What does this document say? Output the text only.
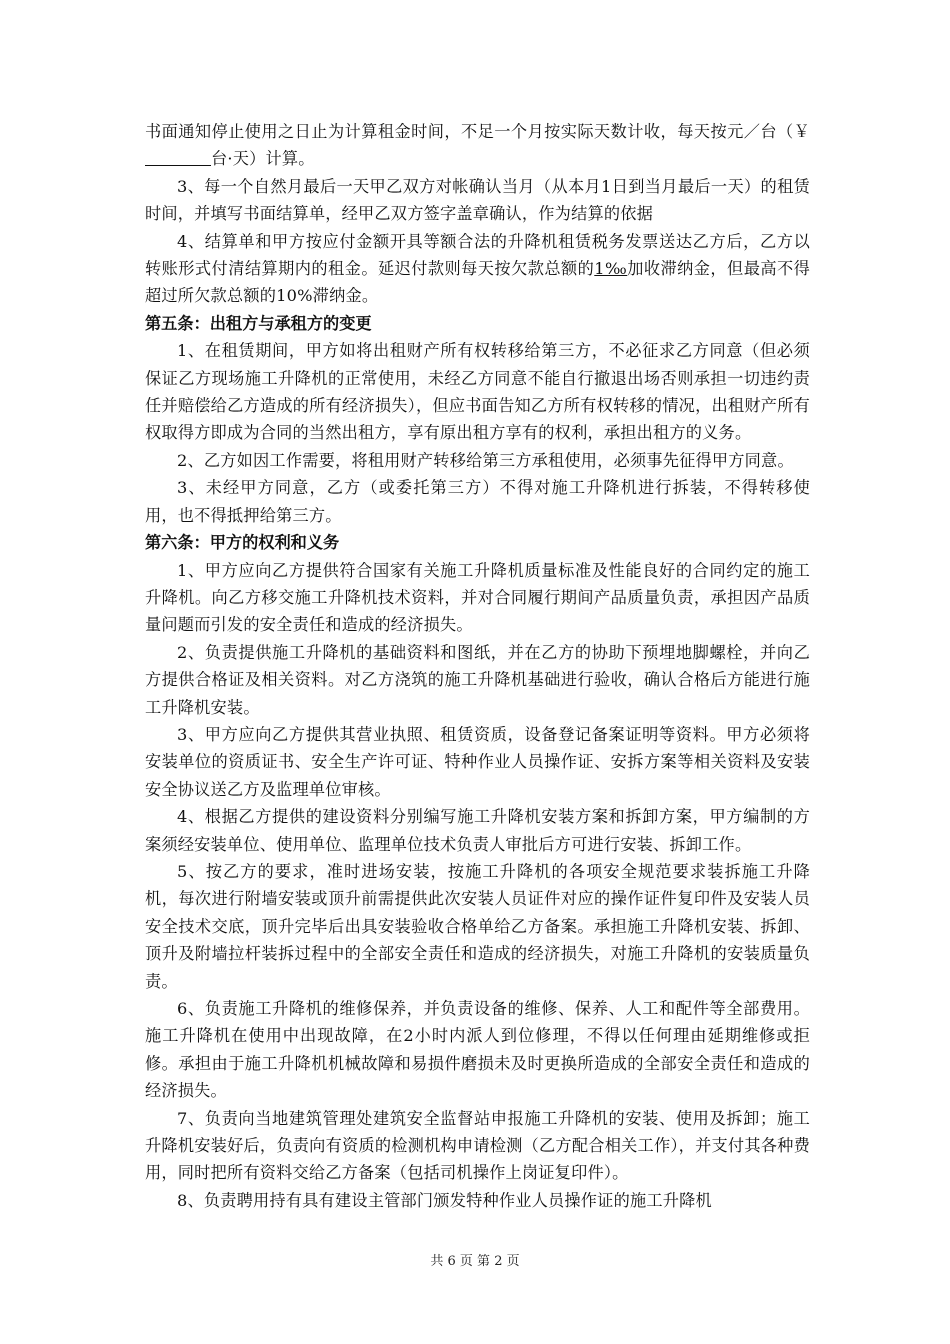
书面通知停止使用之日止为计算租金时间，不足一个月按实际天数计收，每天按元／台（￥台·天）计算。

3、每一个自然月最后一天甲乙双方对帐确认当月（从本月1日到当月最后一天）的租赁时间，并填写书面结算单，经甲乙双方签字盖章确认，作为结算的依据

4、结算单和甲方按应付金额开具等额合法的升降机租赁税务发票送达乙方后，乙方以转账形式付清结算期内的租金。延迟付款则每天按欠款总额的1‰加收滞纳金，但最高不得超过所欠款总额的10%滞纳金。

第五条：出租方与承租方的变更

1、在租赁期间，甲方如将出租财产所有权转移给第三方，不必征求乙方同意（但必须保证乙方现场施工升降机的正常使用，未经乙方同意不能自行撤退出场否则承担一切违约责任并赔偿给乙方造成的所有经济损失），但应书面告知乙方所有权转移的情况，出租财产所有权取得方即成为合同的当然出租方，享有原出租方享有的权利，承担出租方的义务。

2、乙方如因工作需要，将租用财产转移给第三方承租使用，必须事先征得甲方同意。

3、未经甲方同意，乙方（或委托第三方）不得对施工升降机进行拆装，不得转移使用，也不得抵押给第三方。

第六条：甲方的权利和义务

1、甲方应向乙方提供符合国家有关施工升降机质量标准及性能良好的合同约定的施工升降机。向乙方移交施工升降机技术资料，并对合同履行期间产品质量负责，承担因产品质量问题而引发的安全责任和造成的经济损失。

2、负责提供施工升降机的基础资料和图纸，并在乙方的协助下预埋地脚螺栓，并向乙方提供合格证及相关资料。对乙方浇筑的施工升降机基础进行验收，确认合格后方能进行施工升降机安装。

3、甲方应向乙方提供其营业执照、租赁资质，设备登记备案证明等资料。甲方必须将安装单位的资质证书、安全生产许可证、特种作业人员操作证、安拆方案等相关资料及安装安全协议送乙方及监理单位审核。

4、根据乙方提供的建设资料分别编写施工升降机安装方案和拆卸方案，甲方编制的方案须经安装单位、使用单位、监理单位技术负责人审批后方可进行安装、拆卸工作。

5、按乙方的要求，准时进场安装，按施工升降机的各项安全规范要求装拆施工升降机，每次进行附墙安装或顶升前需提供此次安装人员证件对应的操作证件复印件及安装人员安全技术交底，顶升完毕后出具安装验收合格单给乙方备案。承担施工升降机安装、拆卸、顶升及附墙拉杆装拆过程中的全部安全责任和造成的经济损失，对施工升降机的安装质量负责。

6、负责施工升降机的维修保养，并负责设备的维修、保养、人工和配件等全部费用。施工升降机在使用中出现故障，在2小时内派人到位修理，不得以任何理由延期维修或拒修。承担由于施工升降机机械故障和易损件磨损未及时更换所造成的全部安全责任和造成的经济损失。

7、负责向当地建筑管理处建筑安全监督站申报施工升降机的安装、使用及拆卸；施工升降机安装好后，负责向有资质的检测机构申请检测（乙方配合相关工作），并支付其各种费用，同时把所有资料交给乙方备案（包括司机操作上岗证复印件）。

8、负责聘用持有具有建设主管部门颁发特种作业人员操作证的施工升降机

共 6 页 第 2 页
